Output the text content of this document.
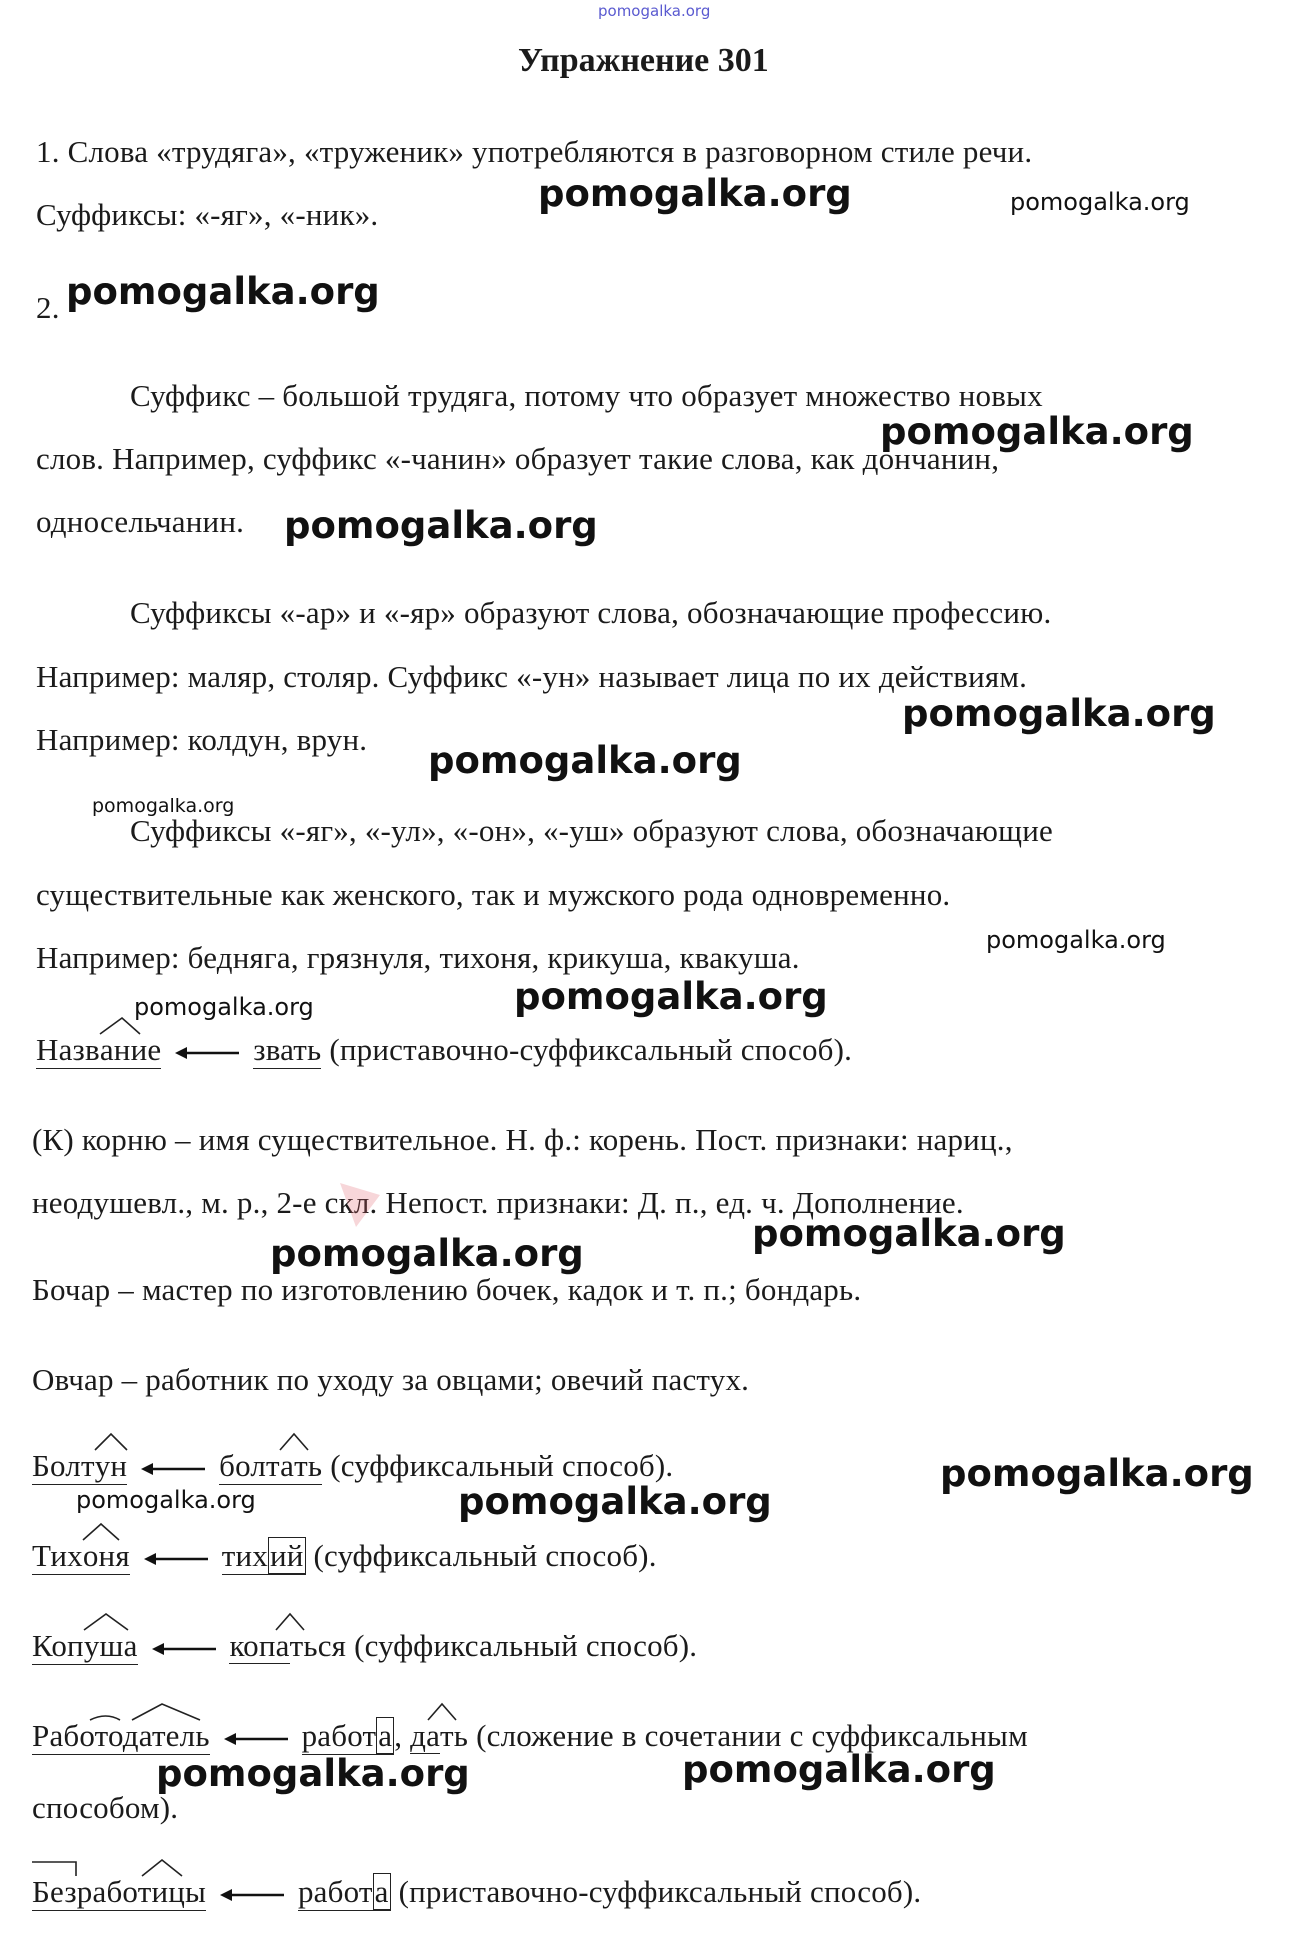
pomogalka.org
Упражнение 301
1. Слова «трудяга», «труженик» употребляются в разговорном стиле речи.
Суффиксы: «-яг», «-ник».	pomogalka.org	pomogalka.org
2. pomogalka.org
Суффикс – большой трудяга, потому что образует множество новых
слов. Например, суффикс «-чанин» образует такие слова, как дончанин,
односельчанин.
pomogalka.org
pomogalka.org
Суффиксы «-ар» и «-яр» образуют слова, обозначающие профессию.
Например: маляр, столяр. Суффикс «-ун» называет лица по их действиям.
Например: колдун, врун.
pomogalka.org
pomogalka.org
pomogalka.org
Суффиксы «-яг», «-ул», «-он», «-уш» образуют слова, обозначающие
существительные как женского, так и мужского рода одновременно.
Например: бедняга, грязнуля, тихоня, крикуша, квакуша.	pomogalka.org
pomogalka.org	pomogalka.org
Название	звать (приставочно-суффиксальный способ).
(К) корню – имя существительное. Н. ф.: корень. Пост. признаки: нариц.,
неодушевл., м. р., 2-е скл. Непост. признаки: Д. п., ед. ч. Дополнение.
pomogalka.org
pomogalka.org
Бочар – мастер по изготовлению бочек, кадок и т. п.; бондарь.
Овчар – работник по уходу за овцами; овечий пастух.
Болтун	болтать (суффиксальный способ).	pomogalka.org
pomogalka.org	pomogalka.org
Тихоня	тихий (суффиксальный способ).
Копуша	копаться (суффиксальный способ).
Работодатель	работа, дать (сложение в сочетании с суффиксальным
способом).
pomogalka.org	pomogalka.org
Безработицы	работа (приставочно-суффиксальный способ).
